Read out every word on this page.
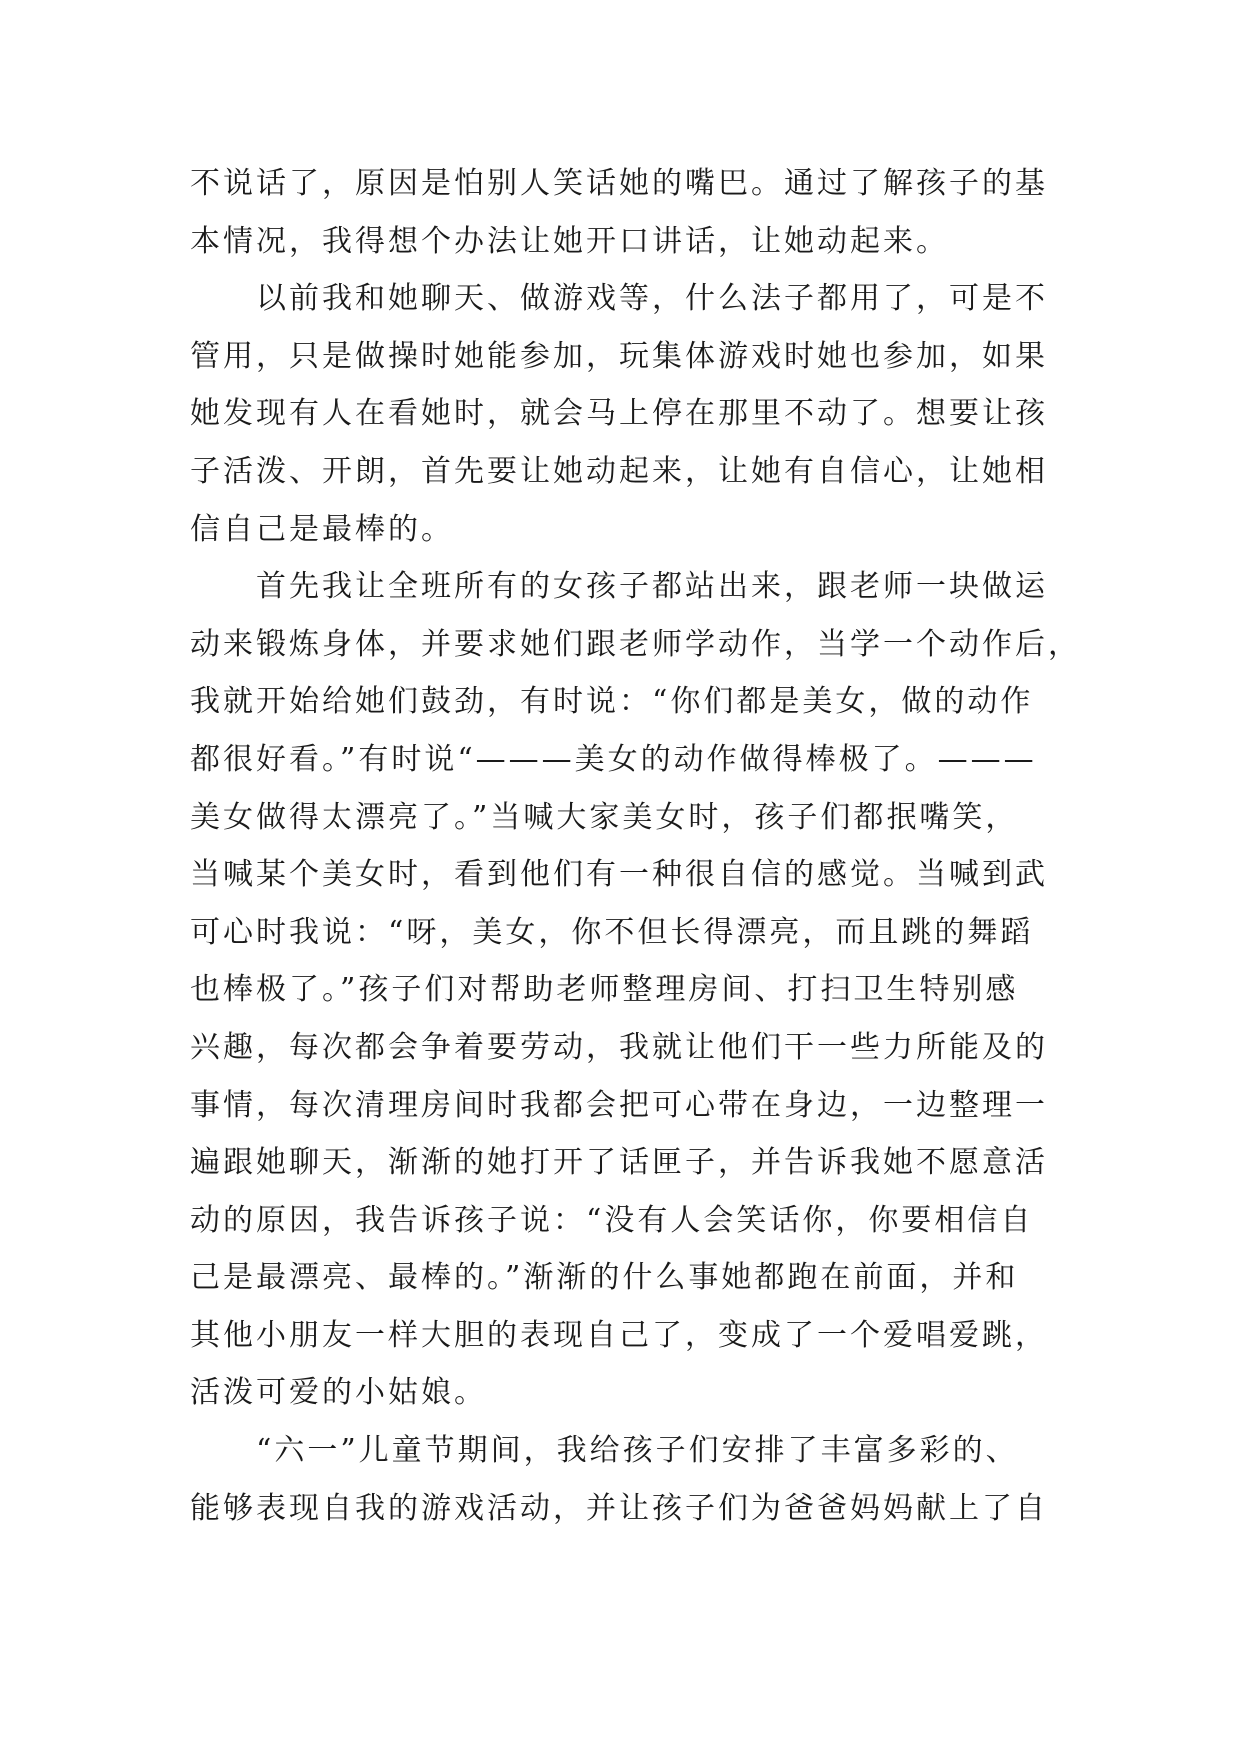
不说话了，原因是怕别人笑话她的嘴巴。通过了解孩子的基
本情况，我得想个办法让她开口讲话，让她动起来。
以前我和她聊天、做游戏等，什么法子都用了，可是不
管用，只是做操时她能参加，玩集体游戏时她也参加，如果
她发现有人在看她时，就会马上停在那里不动了。想要让孩
子活泼、开朗，首先要让她动起来，让她有自信心，让她相
信自己是最棒的。
首先我让全班所有的女孩子都站出来，跟老师一块做运
动来锻炼身体，并要求她们跟老师学动作，当学一个动作后，
我就开始给她们鼓劲，有时说：“你们都是美女，做的动作
都很好看。”有时说“———美女的动作做得棒极了。———
美女做得太漂亮了。”当喊大家美女时，孩子们都抿嘴笑，
当喊某个美女时，看到他们有一种很自信的感觉。当喊到武
可心时我说：“呀，美女，你不但长得漂亮，而且跳的舞蹈
也棒极了。”孩子们对帮助老师整理房间、打扫卫生特别感
兴趣，每次都会争着要劳动，我就让他们干一些力所能及的
事情，每次清理房间时我都会把可心带在身边，一边整理一
遍跟她聊天，渐渐的她打开了话匣子，并告诉我她不愿意活
动的原因，我告诉孩子说：“没有人会笑话你，你要相信自
己是最漂亮、最棒的。”渐渐的什么事她都跑在前面，并和
其他小朋友一样大胆的表现自己了，变成了一个爱唱爱跳，
活泼可爱的小姑娘。
“六一”儿童节期间，我给孩子们安排了丰富多彩的、
能够表现自我的游戏活动，并让孩子们为爸爸妈妈献上了自
